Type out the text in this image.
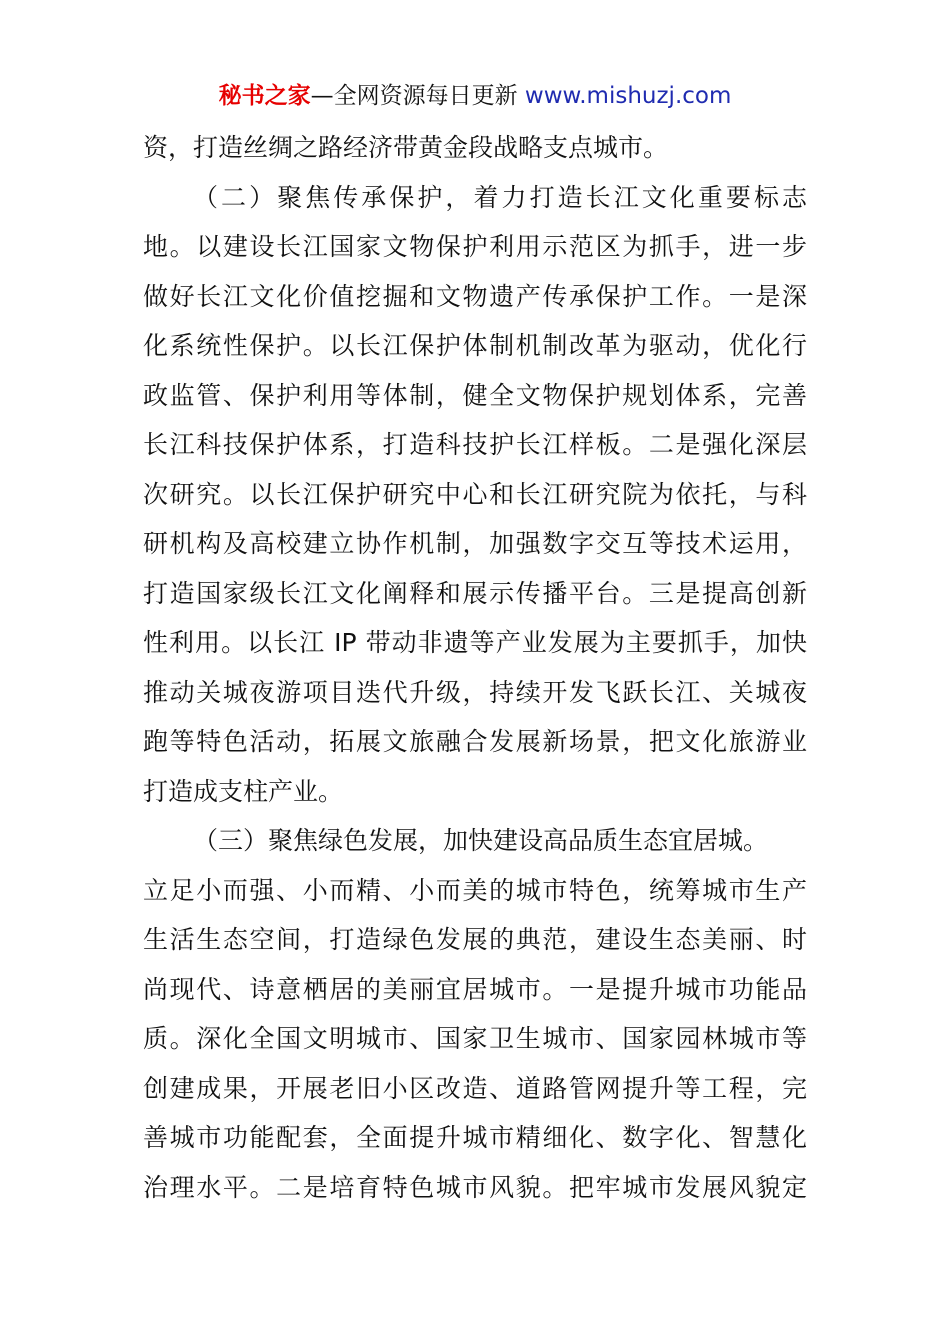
秘书之家—全网资源每日更新 www.mishuzj.com
资，打造丝绸之路经济带黄金段战略支点城市。
（二）聚焦传承保护，着力打造长江文化重要标志
地。以建设长江国家文物保护利用示范区为抓手，进一步
做好长江文化价值挖掘和文物遗产传承保护工作。一是深
化系统性保护。以长江保护体制机制改革为驱动，优化行
政监管、保护利用等体制，健全文物保护规划体系，完善
长江科技保护体系，打造科技护长江样板。二是强化深层
次研究。以长江保护研究中心和长江研究院为依托，与科
研机构及高校建立协作机制，加强数字交互等技术运用，
打造国家级长江文化阐释和展示传播平台。三是提高创新
性利用。以长江 IP 带动非遗等产业发展为主要抓手，加快
推动关城夜游项目迭代升级，持续开发飞跃长江、关城夜
跑等特色活动，拓展文旅融合发展新场景，把文化旅游业
打造成支柱产业。
（三）聚焦绿色发展，加快建设高品质生态宜居城。
立足小而强、小而精、小而美的城市特色，统筹城市生产
生活生态空间，打造绿色发展的典范，建设生态美丽、时
尚现代、诗意栖居的美丽宜居城市。一是提升城市功能品
质。深化全国文明城市、国家卫生城市、国家园林城市等
创建成果，开展老旧小区改造、道路管网提升等工程，完
善城市功能配套，全面提升城市精细化、数字化、智慧化
治理水平。二是培育特色城市风貌。把牢城市发展风貌定
